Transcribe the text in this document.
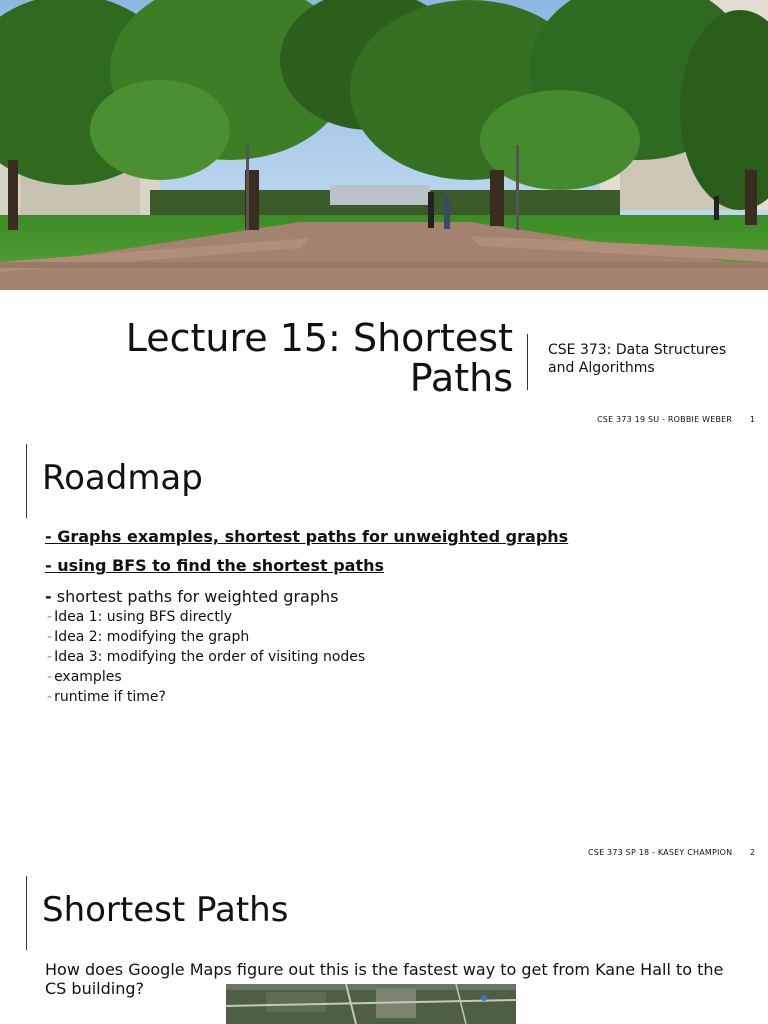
Lecture 15: Shortest
Paths
CSE 373: Data Structures and Algorithms
CSE 373 19 SU - ROBBIE WEBER 1
Roadmap
- Graphs examples, shortest paths for unweighted graphs
- using BFS to find the shortest paths
- shortest paths for weighted graphs
- Idea 1: using BFS directly
- Idea 2: modifying the graph
- Idea 3: modifying the order of visiting nodes
- examples
- runtime if time?
CSE 373 SP 18 - KASEY CHAMPION 2
Shortest Paths
How does Google Maps figure out this is the fastest way to get from Kane Hall to the CS building?
